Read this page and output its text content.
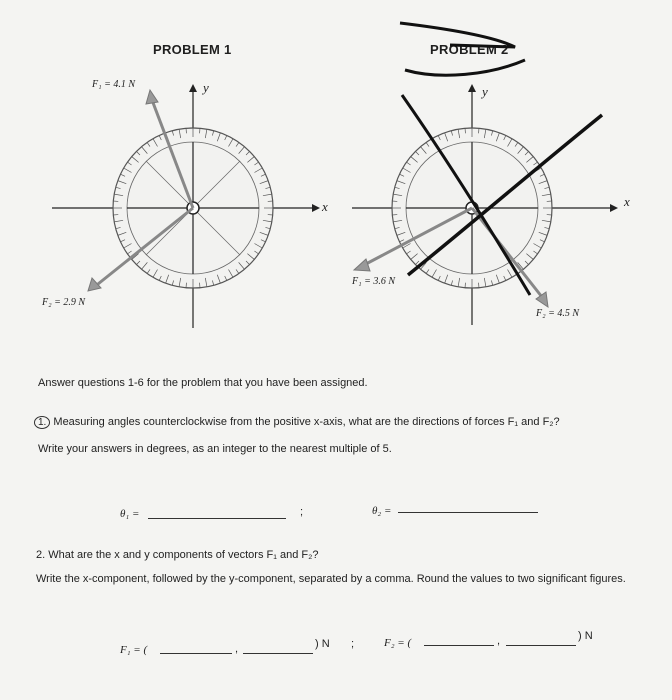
PROBLEM 1
F₁ = 4.1 N
F₂ = 2.9 N
x
y
PROBLEM 2
F₁ = 3.6 N
F₂ = 4.5 N
x
y
Answer questions 1-6 for the problem that you have been assigned.
1. Measuring angles counterclockwise from the positive x-axis, what are the directions of forces F₁ and F₂?
Write your answers in degrees, as an integer to the nearest multiple of 5.
θ₁ =	;	θ₂ =
2. What are the x and y components of vectors F₁ and F₂?
Write the x-component, followed by the y-component, separated by a comma. Round the values to two significant figures.
F₁ = (	,	) N ;	F₂ = (	,	) N
